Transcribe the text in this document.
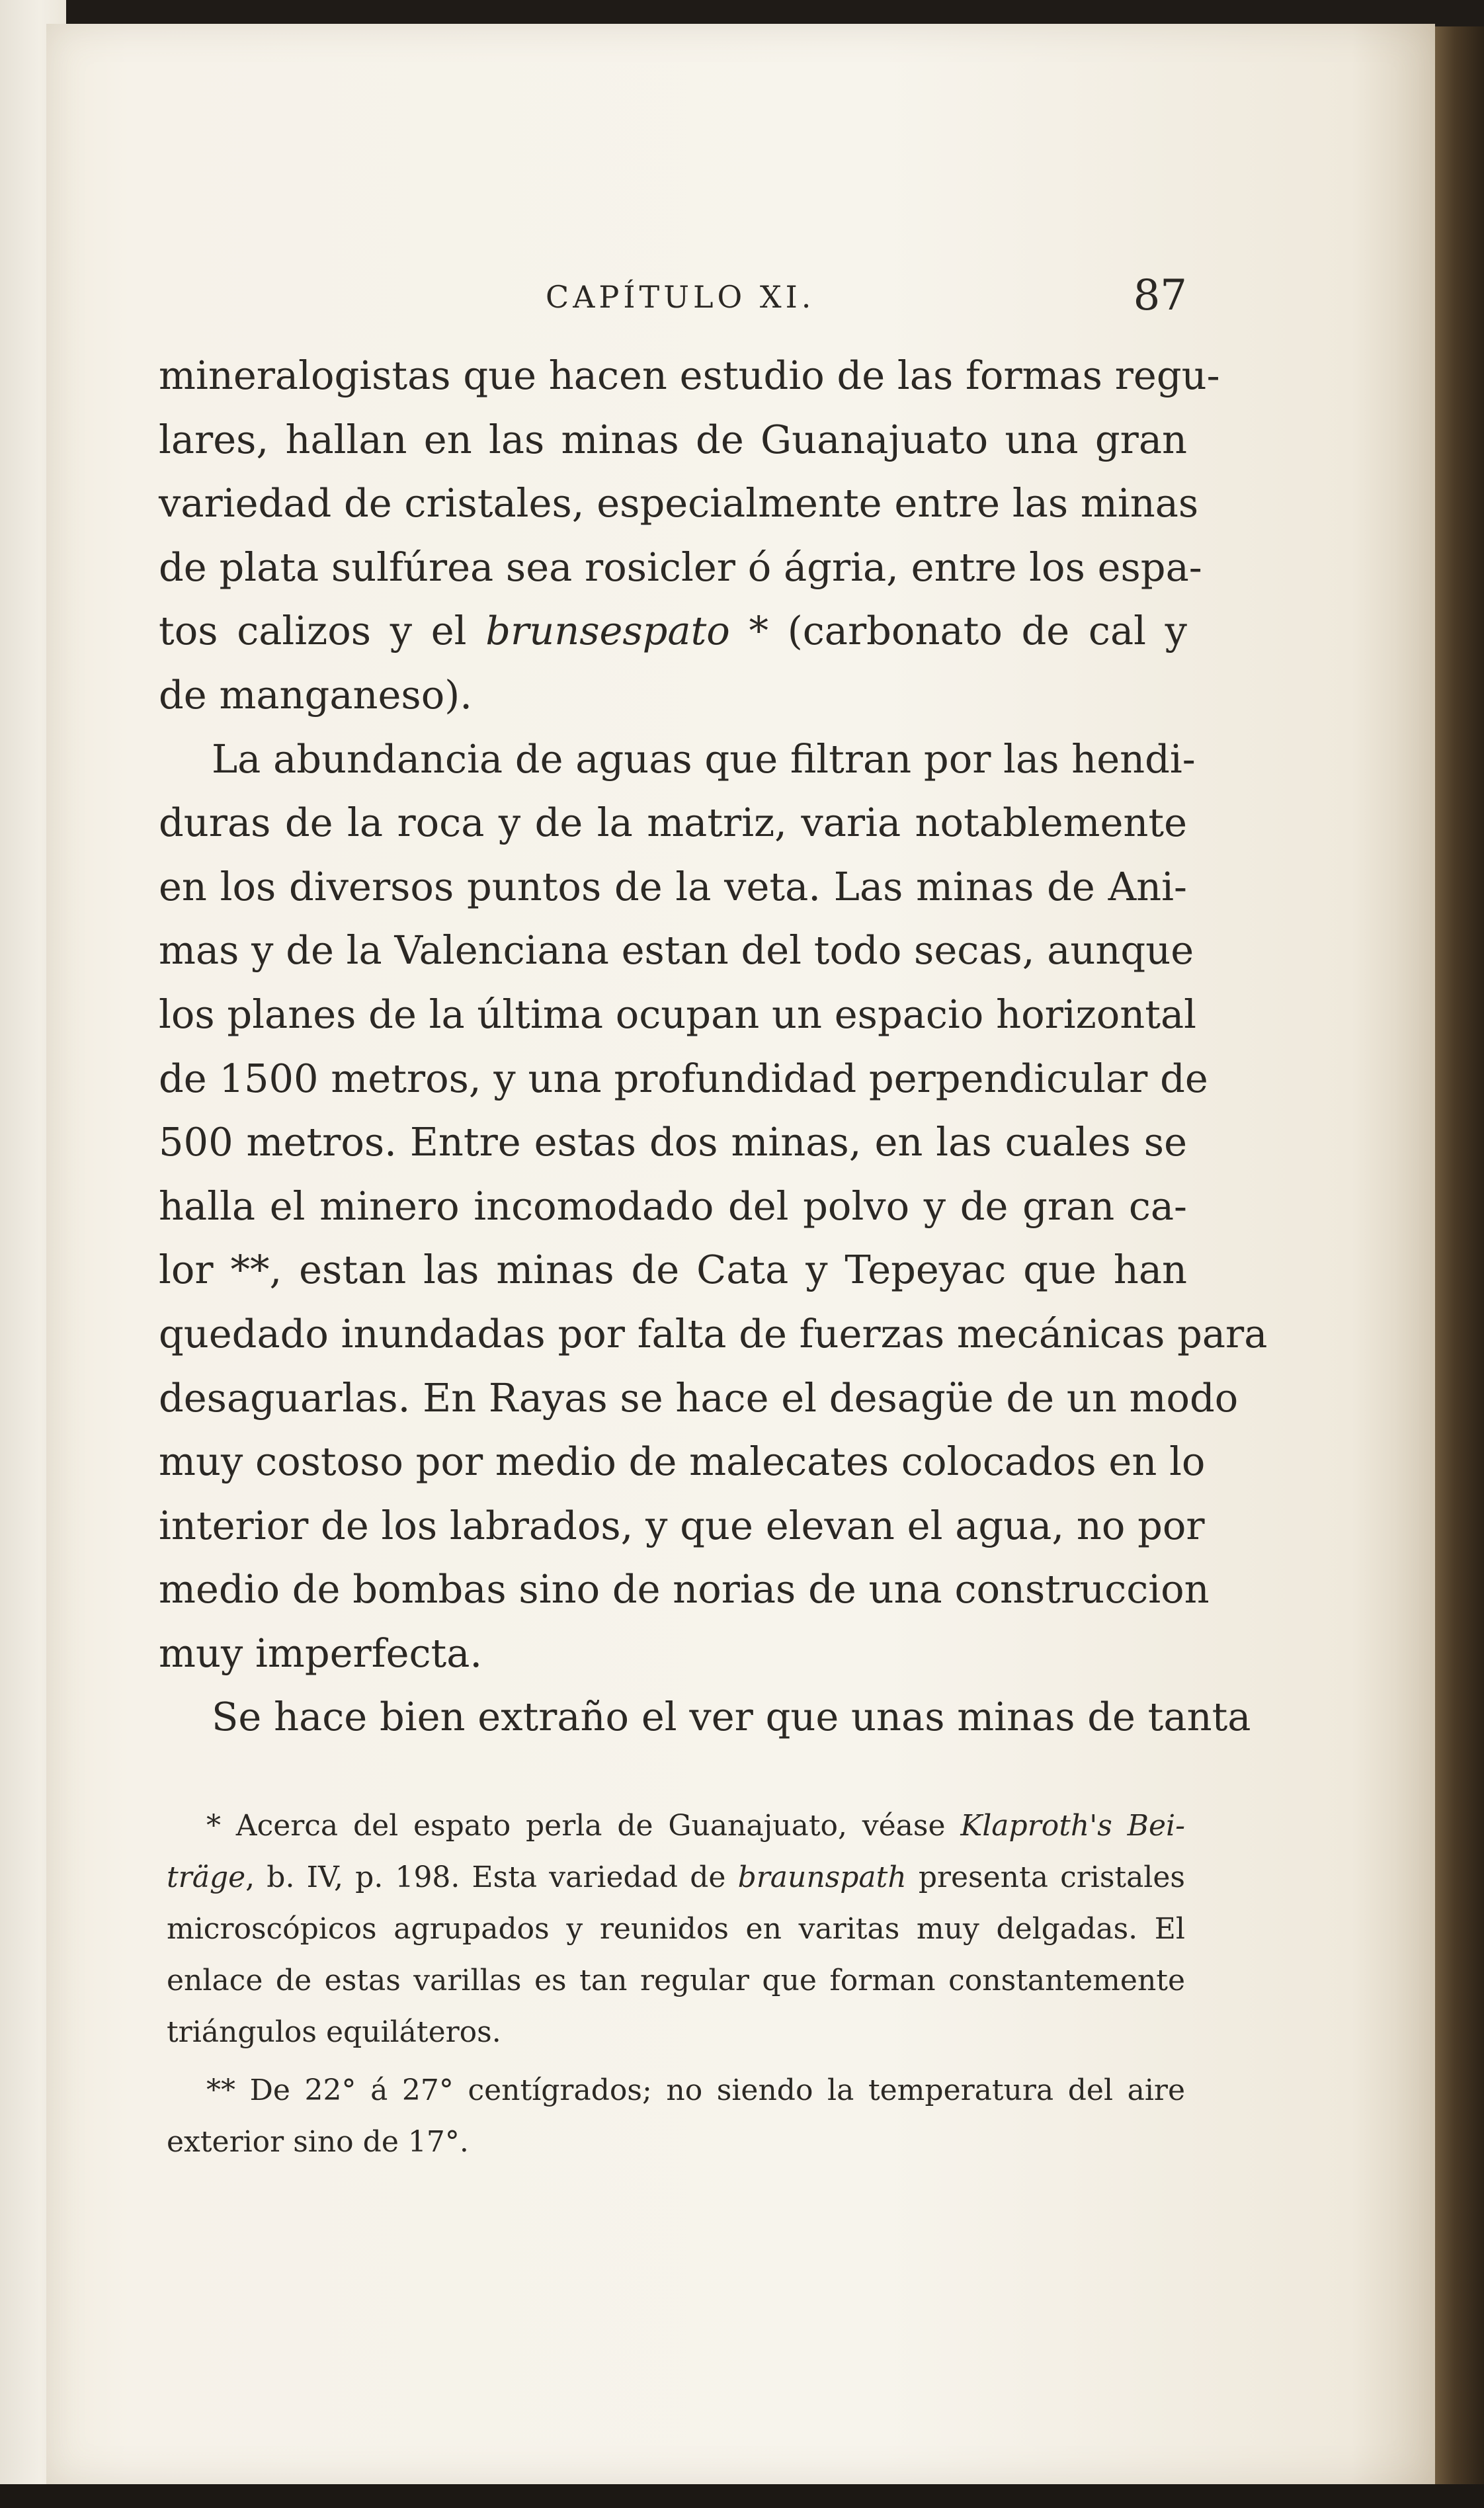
CAPÍTULO XI.	87
mineralogistas que hacen estudio de las formas regu-
lares, hallan en las minas de Guanajuato una gran
variedad de cristales, especialmente entre las minas
de plata sulfúrea sea rosicler ó ágria, entre los espa-
tos calizos y el brunsespato * (carbonato de cal y
de manganeso).
La abundancia de aguas que filtran por las hendi-
duras de la roca y de la matriz, varia notablemente
en los diversos puntos de la veta. Las minas de Ani-
mas y de la Valenciana estan del todo secas, aunque
los planes de la última ocupan un espacio horizontal
de 1500 metros, y una profundidad perpendicular de
500 metros. Entre estas dos minas, en las cuales se
halla el minero incomodado del polvo y de gran ca-
lor **, estan las minas de Cata y Tepeyac que han
quedado inundadas por falta de fuerzas mecánicas para
desaguarlas. En Rayas se hace el desagüe de un modo
muy costoso por medio de malecates colocados en lo
interior de los labrados, y que elevan el agua, no por
medio de bombas sino de norias de una construccion
muy imperfecta.
Se hace bien extraño el ver que unas minas de tanta
* Acerca del espato perla de Guanajuato, véase Klaproth's Bei-
träge, b. IV, p. 198. Esta variedad de braunspath presenta cristales
microscópicos agrupados y reunidos en varitas muy delgadas. El
enlace de estas varillas es tan regular que forman constantemente
triángulos equiláteros.
** De 22° á 27° centígrados; no siendo la temperatura del aire
exterior sino de 17°.
